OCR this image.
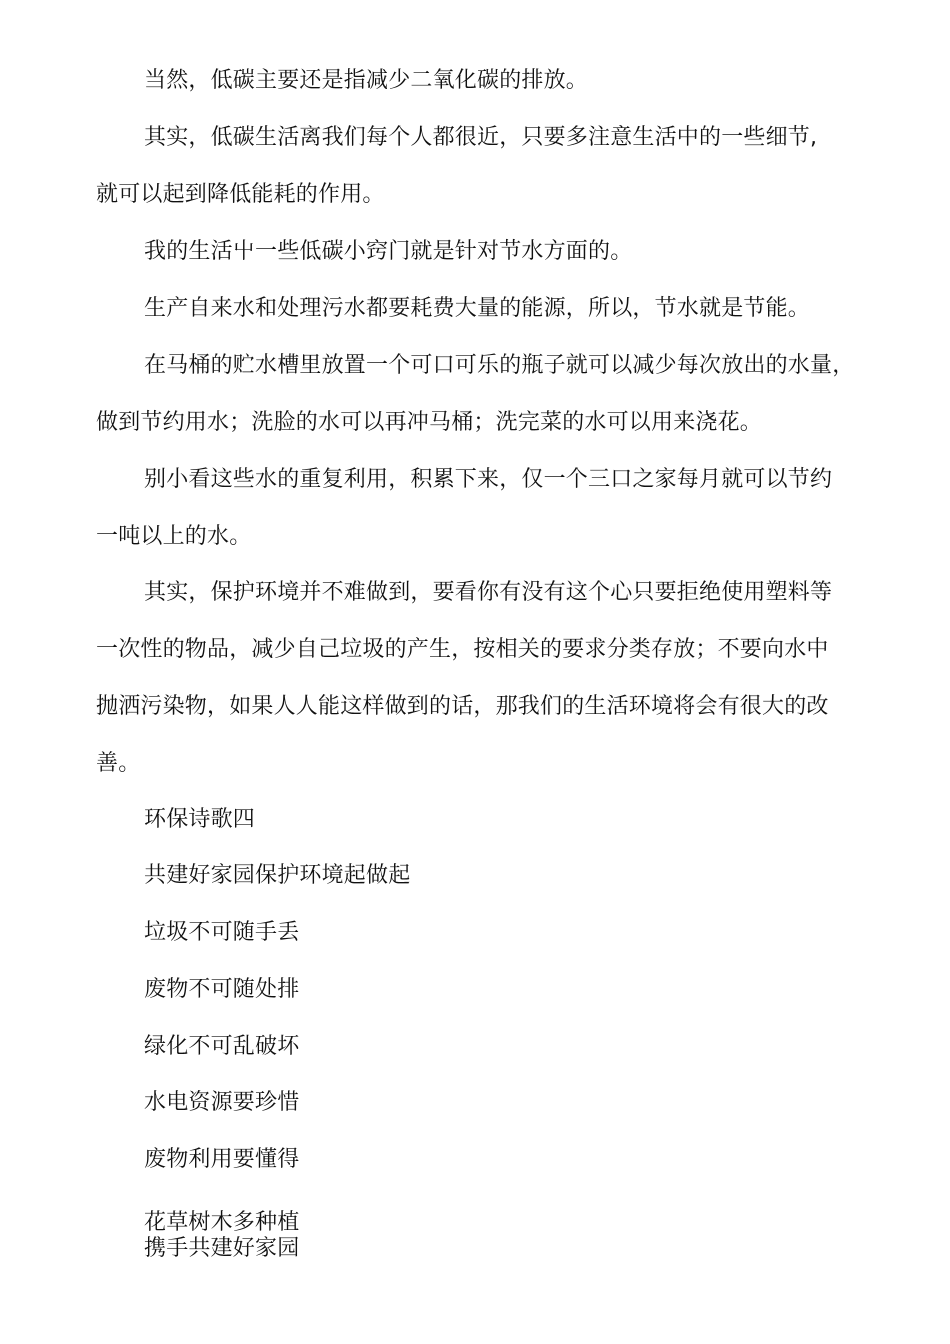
当然，低碳主要还是指减少二氧化碳的排放。
其实，低碳生活离我们每个人都很近，只要多注意生活中的一些细节,
就可以起到降低能耗的作用。
我的生活屮一些低碳小窍门就是针对节水方面的。
生产自来水和处理污水都要耗费大量的能源，所以，节水就是节能。
在马桶的贮水槽里放置一个可口可乐的瓶子就可以减少每次放出的水量，
做到节约用水；洗脸的水可以再冲马桶；洗完菜的水可以用来浇花。
别小看这些水的重复利用，积累下来，仅一个三口之家每月就可以节约
一吨以上的水。
其实，保护环境并不难做到，要看你有没有这个心只要拒绝使用塑料等
一次性的物品，减少自己垃圾的产生，按相关的要求分类存放；不要向水中
抛洒污染物，如果人人能这样做到的话，那我们的生活环境将会有很大的改
善。
环保诗歌四
共建好家园保护环境起做起
垃圾不可随手丢
废物不可随处排
绿化不可乱破坏
水电资源要珍惜
废物利用要懂得
花草树木多种植
携手共建好家园
